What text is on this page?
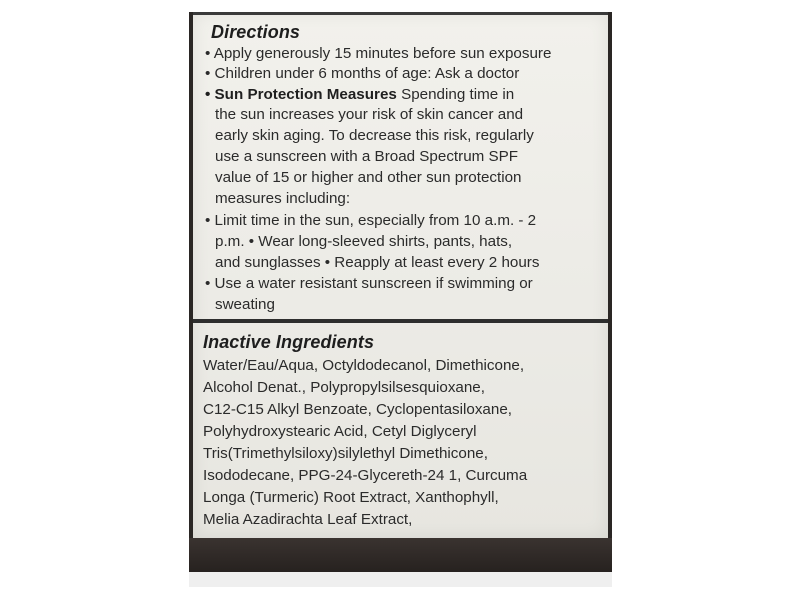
Directions
• Apply generously 15 minutes before sun exposure
• Children under 6 months of age: Ask a doctor
• Sun Protection Measures Spending time in
the sun increases your risk of skin cancer and
early skin aging. To decrease this risk, regularly
use a sunscreen with a Broad Spectrum SPF
value of 15 or higher and other sun protection
measures including:
• Limit time in the sun, especially from 10 a.m. - 2
p.m. • Wear long-sleeved shirts, pants, hats,
and sunglasses • Reapply at least every 2 hours
• Use a water resistant sunscreen if swimming or
sweating
Inactive Ingredients
Water/Eau/Aqua, Octyldodecanol, Dimethicone,
Alcohol Denat., Polypropylsilsesquioxane,
C12-C15 Alkyl Benzoate, Cyclopentasiloxane,
Polyhydroxystearic Acid, Cetyl Diglyceryl
Tris(Trimethylsiloxy)silylethyl Dimethicone,
Isododecane, PPG-24-Glycereth-24 1, Curcuma
Longa (Turmeric) Root Extract, Xanthophyll,
Melia Azadirachta Leaf Extract,
